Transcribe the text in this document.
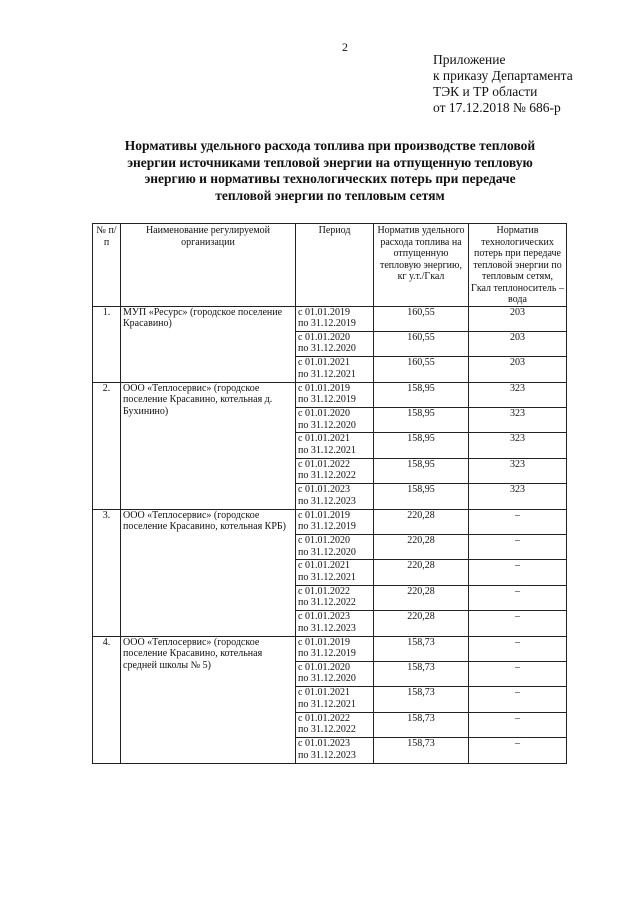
2
Приложение
к приказу Департамента
ТЭК и ТР области
от 17.12.2018 № 686-р
Нормативы удельного расхода топлива при производстве тепловой
энергии источниками тепловой энергии на отпущенную тепловую
энергию и нормативы технологических потерь при передаче
тепловой энергии по тепловым сетям
№ п/п	Наименование регулируемой организации	Период	Норматив удельного расхода топлива на отпущенную тепловую энергию, кг у.т./Гкал	Норматив технологических потерь при передаче тепловой энергии по тепловым сетям, Гкал теплоноситель – вода
1.	МУП «Ресурс» (городское поселение Красавино)	с 01.01.2019
по 31.12.2019	160,55	203

		с 01.01.2020
по 31.12.2020	160,55	203

		с 01.01.2021
по 31.12.2021	160,55	203
2.	ООО «Теплосервис» (городское поселение Красавино, котельная д. Бухинино)	с 01.01.2019
по 31.12.2019	158,95	323

		с 01.01.2020
по 31.12.2020	158,95	323

		с 01.01.2021
по 31.12.2021	158,95	323

		с 01.01.2022
по 31.12.2022	158,95	323

		с 01.01.2023
по 31.12.2023	158,95	323
3.	ООО «Теплосервис» (городское поселение Красавино, котельная КРБ)	с 01.01.2019
по 31.12.2019	220,28	–

		с 01.01.2020
по 31.12.2020	220,28	–

		с 01.01.2021
по 31.12.2021	220,28	–

		с 01.01.2022
по 31.12.2022	220,28	–

		с 01.01.2023
по 31.12.2023	220,28	–
4.	ООО «Теплосервис» (городское поселение Красавино, котельная средней школы № 5)	с 01.01.2019
по 31.12.2019	158,73	–

		с 01.01.2020
по 31.12.2020	158,73	–

		с 01.01.2021
по 31.12.2021	158,73	–

		с 01.01.2022
по 31.12.2022	158,73	–

		с 01.01.2023
по 31.12.2023	158,73	–
